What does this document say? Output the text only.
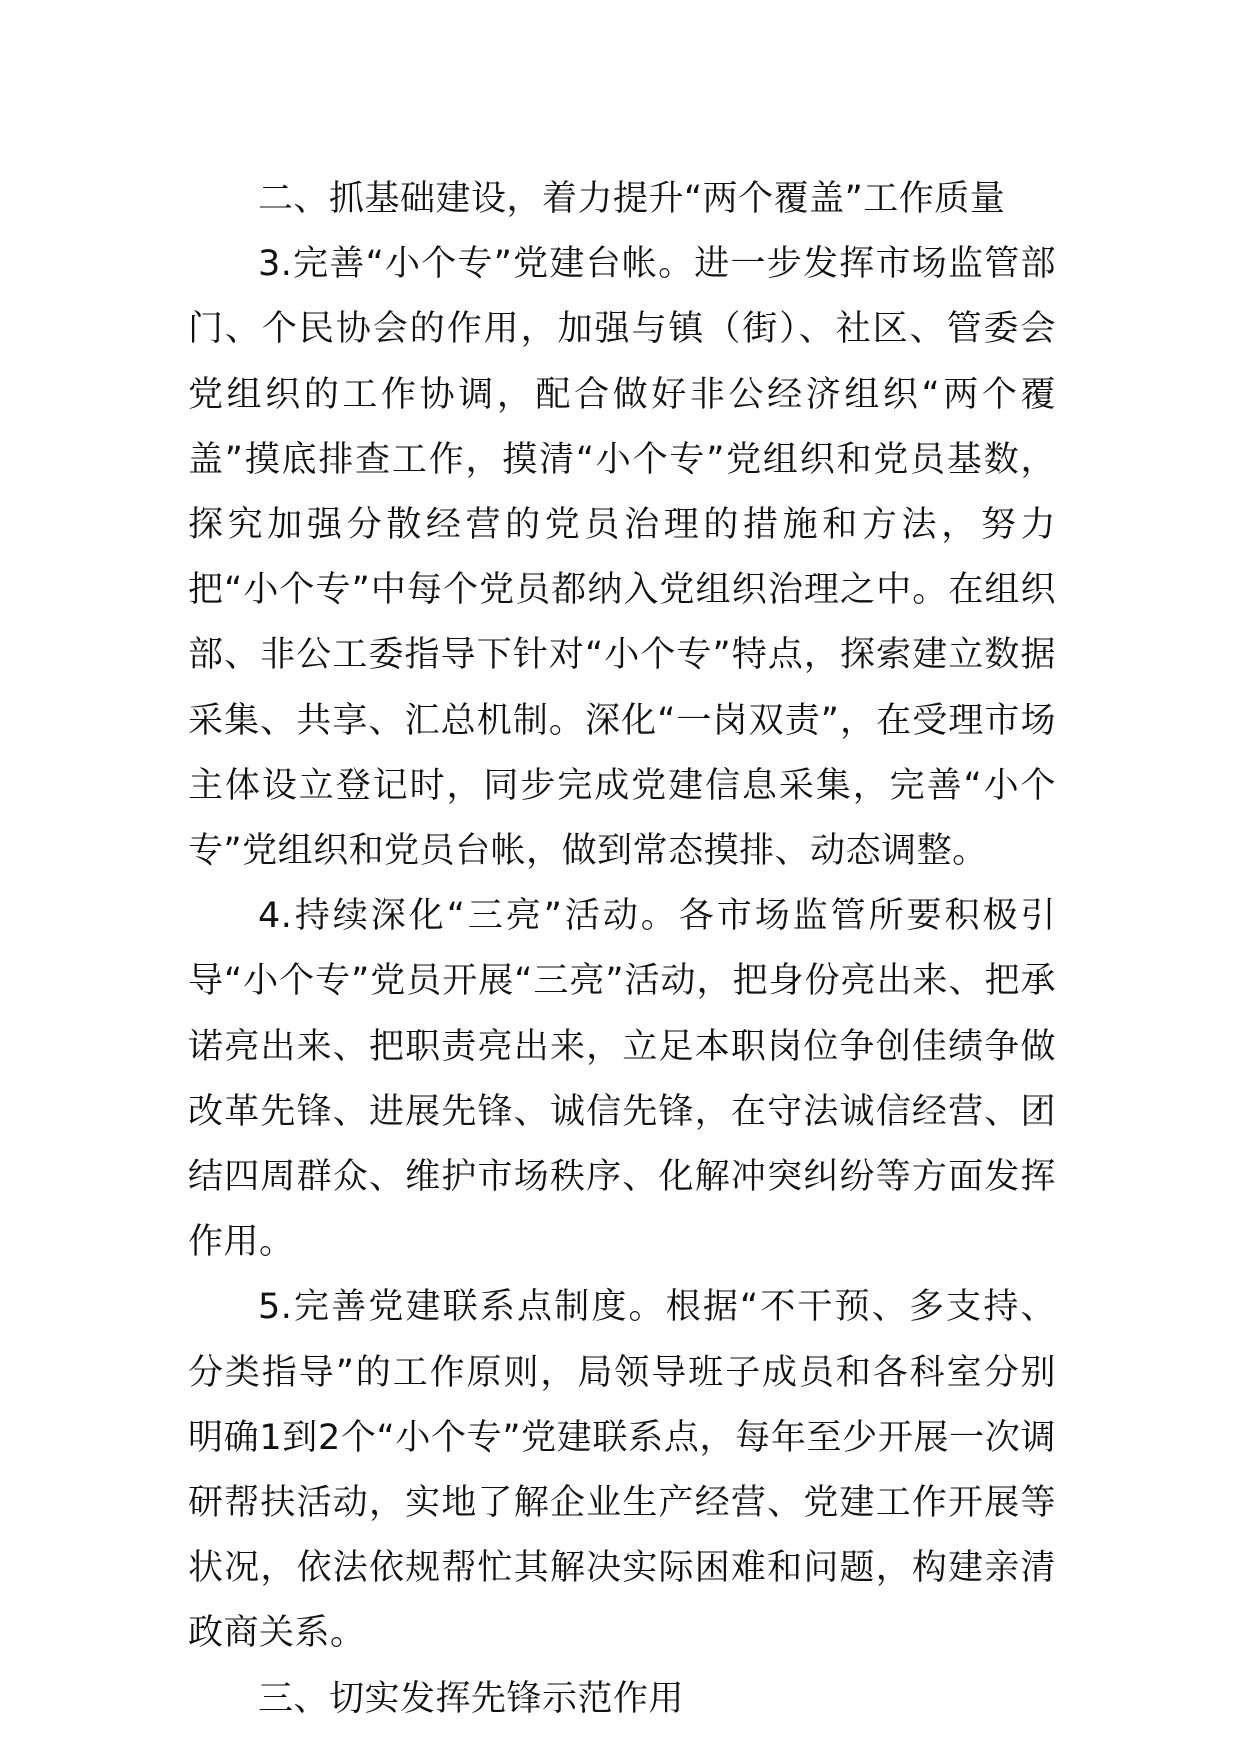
二、抓基础建设，着力提升“两个覆盖”工作质量

3.完善“小个专”党建台帐。进一步发挥市场监管部门、个民协会的作用，加强与镇（街）、社区、管委会党组织的工作协调，配合做好非公经济组织“两个覆盖”摸底排查工作，摸清“小个专”党组织和党员基数，探究加强分散经营的党员治理的措施和方法，努力把“小个专”中每个党员都纳入党组织治理之中。在组织部、非公工委指导下针对“小个专”特点，探索建立数据采集、共享、汇总机制。深化“一岗双责”，在受理市场主体设立登记时，同步完成党建信息采集，完善“小个专”党组织和党员台帐，做到常态摸排、动态调整。

4.持续深化“三亮”活动。各市场监管所要积极引导“小个专”党员开展“三亮”活动，把身份亮出来、把承诺亮出来、把职责亮出来，立足本职岗位争创佳绩争做改革先锋、进展先锋、诚信先锋，在守法诚信经营、团结四周群众、维护市场秩序、化解冲突纠纷等方面发挥作用。

5.完善党建联系点制度。根据“不干预、多支持、分类指导”的工作原则，局领导班子成员和各科室分别明确1到2个“小个专”党建联系点，每年至少开展一次调研帮扶活动，实地了解企业生产经营、党建工作开展等状况，依法依规帮忙其解决实际困难和问题，构建亲清政商关系。

三、切实发挥先锋示范作用
